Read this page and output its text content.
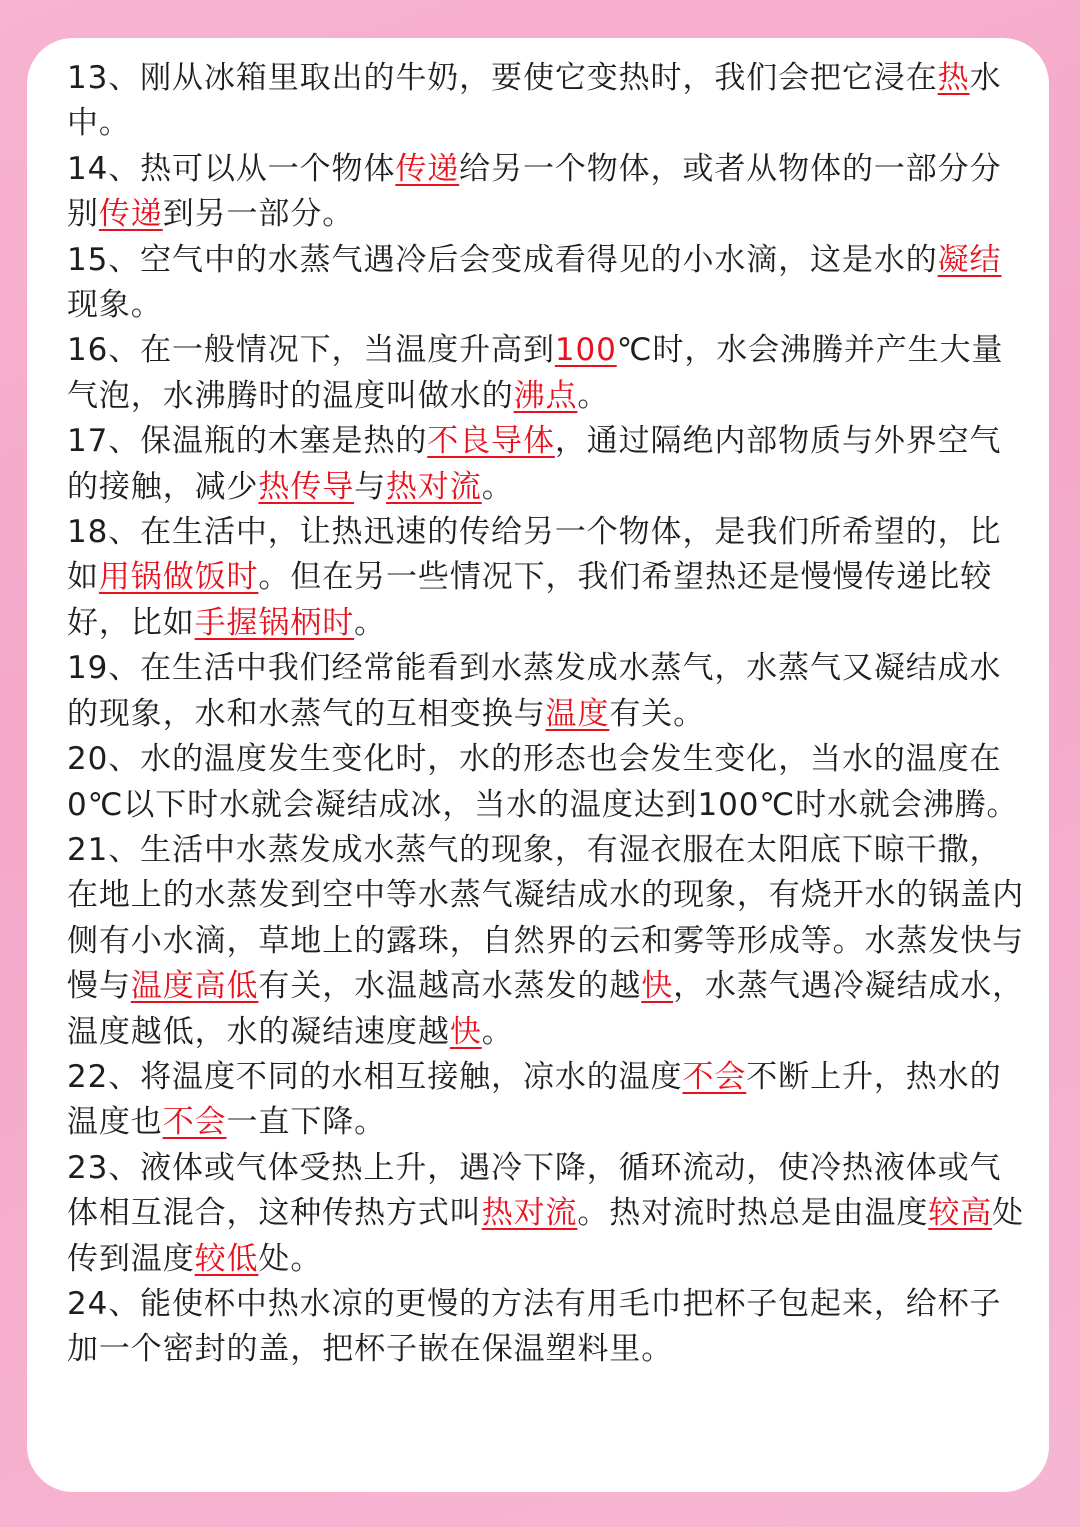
13、刚从冰箱里取出的牛奶，要使它变热时，我们会把它浸在热水中。

14、热可以从一个物体传递给另一个物体，或者从物体的一部分分别传递到另一部分。

15、空气中的水蒸气遇冷后会变成看得见的小水滴，这是水的凝结现象。

16、在一般情况下，当温度升高到100℃时，水会沸腾并产生大量气泡，水沸腾时的温度叫做水的沸点。

17、保温瓶的木塞是热的不良导体，通过隔绝内部物质与外界空气的接触，减少热传导与热对流。

18、在生活中，让热迅速的传给另一个物体，是我们所希望的，比如用锅做饭时。但在另一些情况下，我们希望热还是慢慢传递比较好，比如手握锅柄时。

19、在生活中我们经常能看到水蒸发成水蒸气，水蒸气又凝结成水的现象，水和水蒸气的互相变换与温度有关。

20、水的温度发生变化时，水的形态也会发生变化，当水的温度在0℃以下时水就会凝结成冰，当水的温度达到100℃时水就会沸腾。

21、生活中水蒸发成水蒸气的现象，有湿衣服在太阳底下晾干撒，在地上的水蒸发到空中等水蒸气凝结成水的现象，有烧开水的锅盖内侧有小水滴，草地上的露珠，自然界的云和雾等形成等。水蒸发快与慢与温度高低有关，水温越高水蒸发的越快，水蒸气遇冷凝结成水，温度越低，水的凝结速度越快。

22、将温度不同的水相互接触，凉水的温度不会不断上升，热水的温度也不会一直下降。

23、液体或气体受热上升，遇冷下降，循环流动，使冷热液体或气体相互混合，这种传热方式叫热对流。热对流时热总是由温度较高处传到温度较低处。

24、能使杯中热水凉的更慢的方法有用毛巾把杯子包起来，给杯子加一个密封的盖，把杯子嵌在保温塑料里。
